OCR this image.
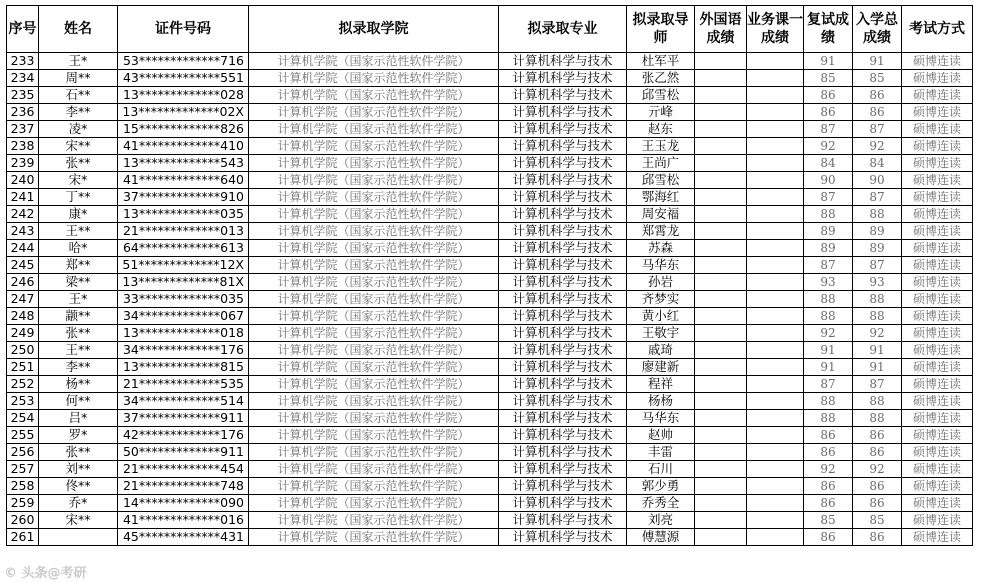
序号	姓名	证件号码	拟录取学院	拟录取专业	拟录取导师	外国语成绩	业务课一成绩	复试成绩	入学总成绩	考试方式
233	王*	53*************716	计算机学院（国家示范性软件学院）	计算机科学与技术	杜军平			91	91	硕博连读
234	周**	43*************551	计算机学院（国家示范性软件学院）	计算机科学与技术	张乙然			85	85	硕博连读
235	石**	13*************028	计算机学院（国家示范性软件学院）	计算机科学与技术	邱雪松			86	86	硕博连读
236	李**	13*************02X	计算机学院（国家示范性软件学院）	计算机科学与技术	亓峰			86	86	硕博连读
237	凌*	15*************826	计算机学院（国家示范性软件学院）	计算机科学与技术	赵东			87	87	硕博连读
238	宋**	41*************410	计算机学院（国家示范性软件学院）	计算机科学与技术	王玉龙			92	92	硕博连读
239	张**	13*************543	计算机学院（国家示范性软件学院）	计算机科学与技术	王尚广			84	84	硕博连读
240	宋*	41*************640	计算机学院（国家示范性软件学院）	计算机科学与技术	邱雪松			90	90	硕博连读
241	丁**	37*************910	计算机学院（国家示范性软件学院）	计算机科学与技术	鄂海红			87	87	硕博连读
242	康*	13*************035	计算机学院（国家示范性软件学院）	计算机科学与技术	周安福			88	88	硕博连读
243	王**	21*************013	计算机学院（国家示范性软件学院）	计算机科学与技术	郑霄龙			89	89	硕博连读
244	哈*	64*************613	计算机学院（国家示范性软件学院）	计算机科学与技术	苏森			89	89	硕博连读
245	郑**	51*************12X	计算机学院（国家示范性软件学院）	计算机科学与技术	马华东			87	87	硕博连读
246	梁**	13*************81X	计算机学院（国家示范性软件学院）	计算机科学与技术	孙岩			93	93	硕博连读
247	王*	33*************035	计算机学院（国家示范性软件学院）	计算机科学与技术	齐梦实			88	88	硕博连读
248	颛**	34*************067	计算机学院（国家示范性软件学院）	计算机科学与技术	黄小红			88	88	硕博连读
249	张**	13*************018	计算机学院（国家示范性软件学院）	计算机科学与技术	王敬宇			92	92	硕博连读
250	王**	34*************176	计算机学院（国家示范性软件学院）	计算机科学与技术	戚琦			91	91	硕博连读
251	李**	13*************815	计算机学院（国家示范性软件学院）	计算机科学与技术	廖建新			91	91	硕博连读
252	杨**	21*************535	计算机学院（国家示范性软件学院）	计算机科学与技术	程祥			87	87	硕博连读
253	何**	34*************514	计算机学院（国家示范性软件学院）	计算机科学与技术	杨杨			88	88	硕博连读
254	吕*	37*************911	计算机学院（国家示范性软件学院）	计算机科学与技术	马华东			88	88	硕博连读
255	罗*	42*************176	计算机学院（国家示范性软件学院）	计算机科学与技术	赵帅			86	86	硕博连读
256	张**	50*************911	计算机学院（国家示范性软件学院）	计算机科学与技术	丰雷			86	86	硕博连读
257	刘**	21*************454	计算机学院（国家示范性软件学院）	计算机科学与技术	石川			92	92	硕博连读
258	佟**	21*************748	计算机学院（国家示范性软件学院）	计算机科学与技术	郭少勇			86	86	硕博连读
259	乔*	14*************090	计算机学院（国家示范性软件学院）	计算机科学与技术	乔秀全			86	86	硕博连读
260	宋**	41*************016	计算机学院（国家示范性软件学院）	计算机科学与技术	刘亮			85	85	硕博连读
261		45*************431	计算机学院（国家示范性软件学院）	计算机科学与技术	傅慧源			86	86	硕博连读
© 头条@考研
